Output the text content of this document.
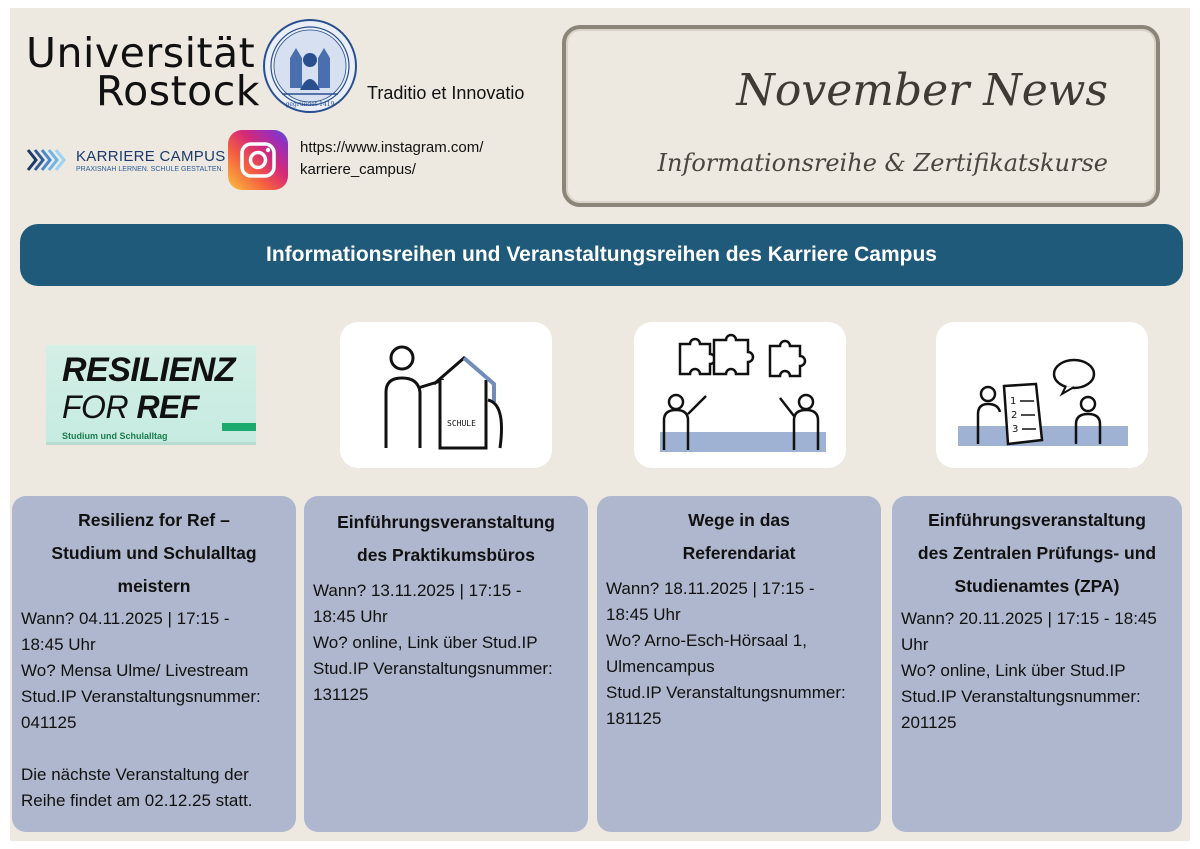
Universität
Rostock	gegründet 1419
Traditio et Innovatio
KARRIERE CAMPUS
PRAXISNAH LERNEN. SCHULE GESTALTEN.
https://www.instagram.com/
karriere_campus/
November News
Informationsreihe & Zertifikatskurse
Informationsreihen und Veranstaltungsreihen des Karriere Campus
RESILIENZ
FOR REF
Studium und Schulalltag
SCHULE
1
2
3
Resilienz for Ref –
Studium und Schulalltag
meistern
Wann? 04.11.2025 | 17:15 -
18:45 Uhr
Wo? Mensa Ulme/ Livestream
Stud.IP Veranstaltungsnummer:
041125
Die nächste Veranstaltung der
Reihe findet am 02.12.25 statt.
Einführungsveranstaltung
des Praktikumsbüros
Wann? 13.11.2025 | 17:15 -
18:45 Uhr
Wo? online, Link über Stud.IP
Stud.IP Veranstaltungsnummer:
131125
Wege in das
Referendariat
Wann? 18.11.2025 | 17:15 -
18:45 Uhr
Wo? Arno-Esch-Hörsaal 1,
Ulmencampus
Stud.IP Veranstaltungsnummer:
181125
Einführungsveranstaltung
des Zentralen Prüfungs- und
Studienamtes (ZPA)
Wann? 20.11.2025 | 17:15 - 18:45
Uhr
Wo? online, Link über Stud.IP
Stud.IP Veranstaltungsnummer:
201125
